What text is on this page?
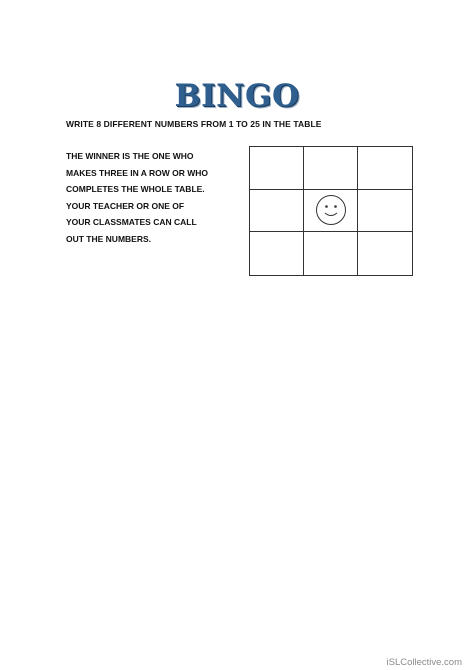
BINGO
WRITE 8 DIFFERENT NUMBERS FROM 1 TO 25 IN THE TABLE
THE WINNER IS THE ONE WHO
MAKES THREE IN A ROW OR WHO
COMPLETES THE WHOLE TABLE.
YOUR TEACHER OR ONE OF
YOUR CLASSMATES CAN CALL
OUT THE NUMBERS.
iSLCollective.com
